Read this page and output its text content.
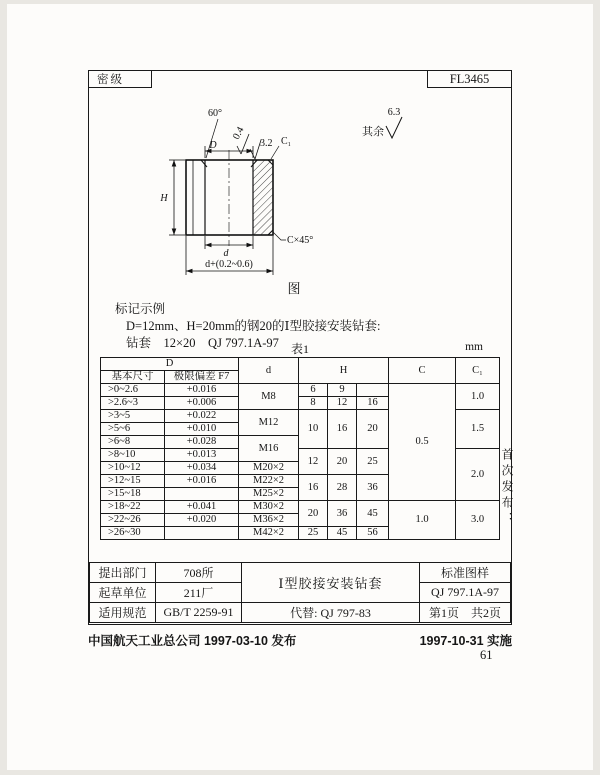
密级	FL3465
D
60°
0.4
3.2 C₁
H
d
C×45°
d+(0.2~0.6)
6.3
其余
图
标记示例
D=12mm、H=20mm的钢20的Ⅰ型胶接安装钻套:
钻套　12×20　QJ 797.1A-97	表1	mm
D		d	H			C	C₁
基本尺寸	极限偏差 F7						
>0~2.6	+0.016	M8	6	9		0.5	1.0
>2.6~3	+0.006		8	12	16		
>3~5	+0.022	M12	10	16	20		1.5
>5~6	+0.010						
>6~8	+0.028	M16					
>8~10	+0.013		12	20	25		2.0
>10~12	+0.034	M20×2					
>12~15	+0.016	M22×2	16	28	36		
>15~18		M25×2					
>18~22	+0.041	M30×2	20	36	45	1.0	3.0
>22~26	+0.020	M36×2					
>26~30		M42×2	25	45	56		
提出部门	708所	Ⅰ型胶接安装钻套	标准图样
起草单位	211厂		QJ 797.1A-97
适用规范	GB/T 2259-91	代替: QJ 797-83	第1页　共2页
首次发布：
中国航天工业总公司 1997-03-10 发布	1997-10-31 实施
61
